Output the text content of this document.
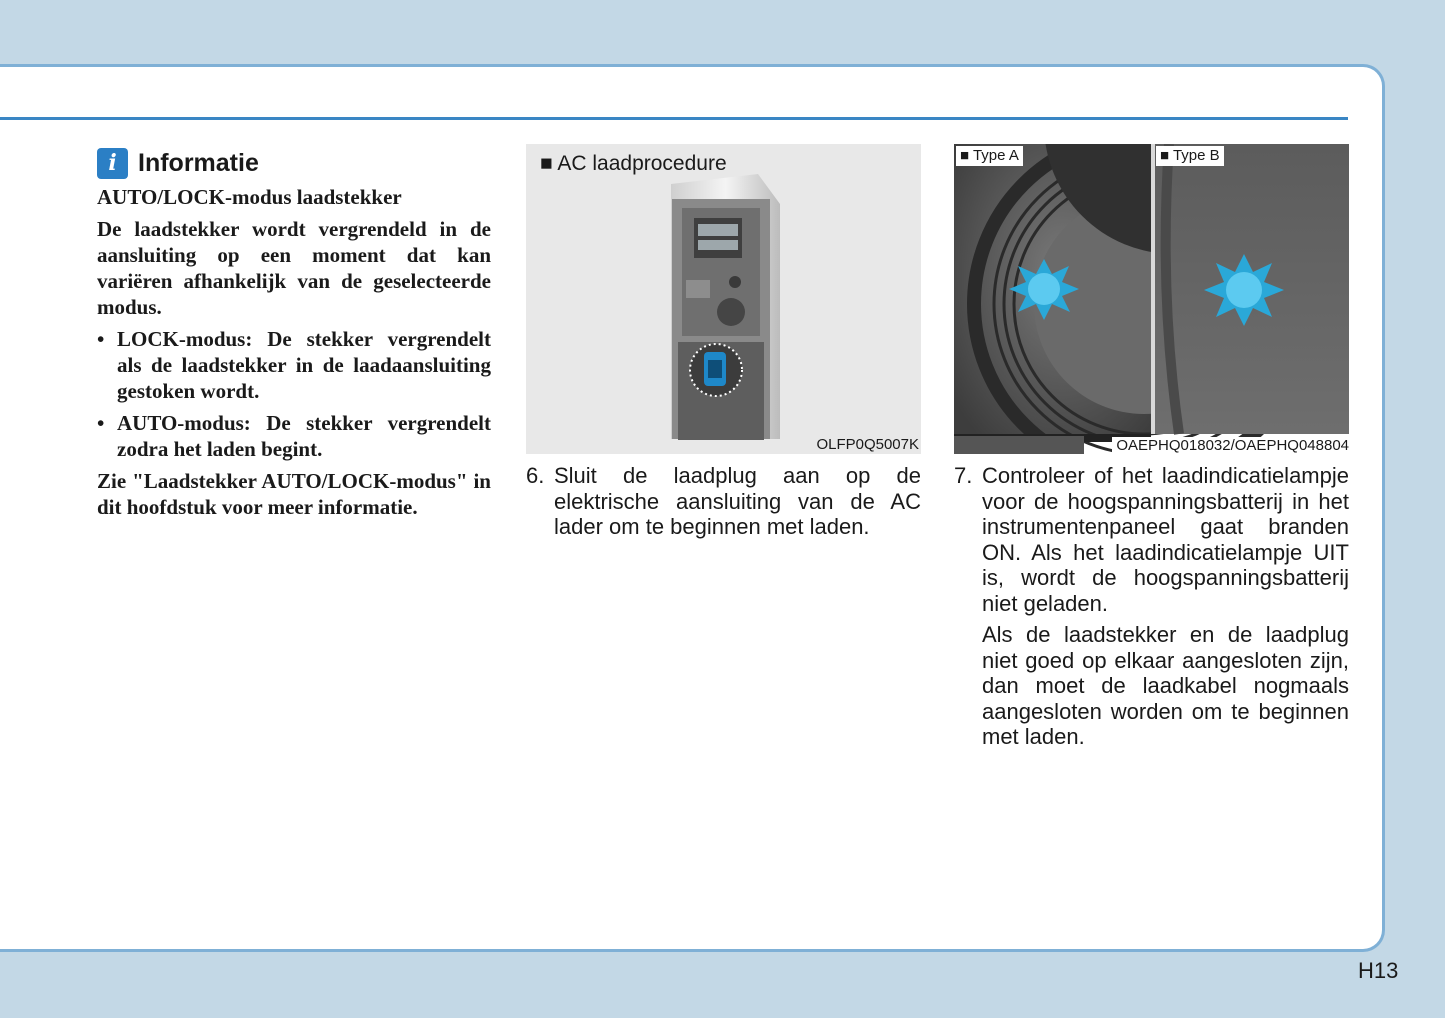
i Informatie

AUTO/LOCK-modus laadstekker

De laadstekker wordt vergrendeld in de aansluiting op een moment dat kan variëren afhankelijk van de geselecteerde modus.

• LOCK-modus: De stekker vergrendelt als de laadstekker in de laadaansluiting gestoken wordt.
• AUTO-modus: De stekker vergrendelt zodra het laden begint.

Zie "Laadstekker AUTO/LOCK-modus" in dit hoofdstuk voor meer informatie.

■ AC laadprocedure
OLFP0Q5007K
■ Type A	■ Type B
OAEPHQ018032/OAEPHQ048804
6. Sluit de laadplug aan op de elektrische aansluiting van de AC lader om te beginnen met laden.

7. Controleer of het laadindicatielampje voor de hoogspanningsbatterij in het instrumentenpaneel gaat branden ON. Als het laadindicatielampje UIT is, wordt de hoogspanningsbatterij niet geladen.

Als de laadstekker en de laadplug niet goed op elkaar aangesloten zijn, dan moet de laadkabel nogmaals aangesloten worden om te beginnen met laden.

H13
